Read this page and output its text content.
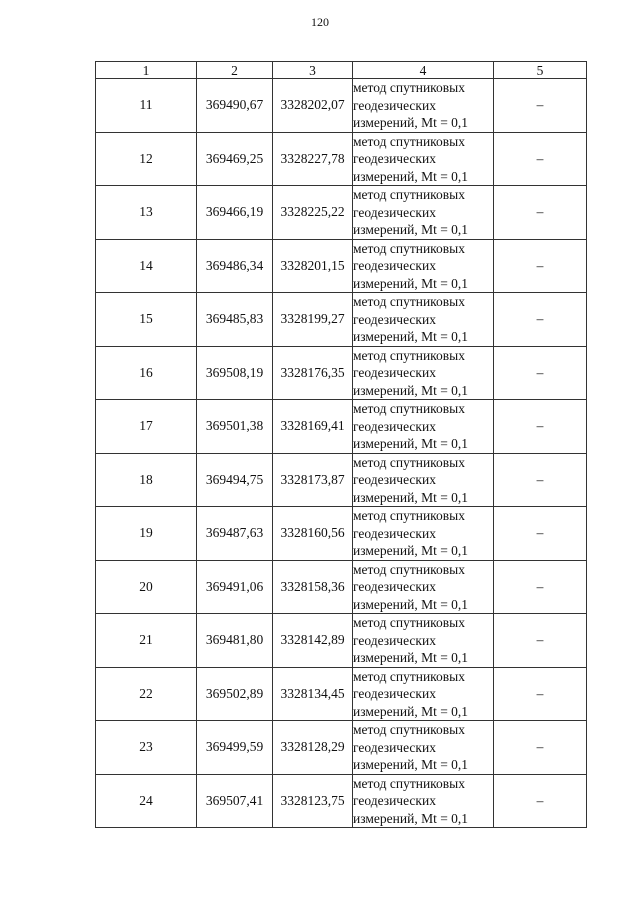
120
1	2	3	4	5
11	369490,67	3328202,07	метод спутниковых
геодезических
измерений, Mt = 0,1	–
12	369469,25	3328227,78	метод спутниковых
геодезических
измерений, Mt = 0,1	–
13	369466,19	3328225,22	метод спутниковых
геодезических
измерений, Mt = 0,1	–
14	369486,34	3328201,15	метод спутниковых
геодезических
измерений, Mt = 0,1	–
15	369485,83	3328199,27	метод спутниковых
геодезических
измерений, Mt = 0,1	–
16	369508,19	3328176,35	метод спутниковых
геодезических
измерений, Mt = 0,1	–
17	369501,38	3328169,41	метод спутниковых
геодезических
измерений, Mt = 0,1	–
18	369494,75	3328173,87	метод спутниковых
геодезических
измерений, Mt = 0,1	–
19	369487,63	3328160,56	метод спутниковых
геодезических
измерений, Mt = 0,1	–
20	369491,06	3328158,36	метод спутниковых
геодезических
измерений, Mt = 0,1	–
21	369481,80	3328142,89	метод спутниковых
геодезических
измерений, Mt = 0,1	–
22	369502,89	3328134,45	метод спутниковых
геодезических
измерений, Mt = 0,1	–
23	369499,59	3328128,29	метод спутниковых
геодезических
измерений, Mt = 0,1	–
24	369507,41	3328123,75	метод спутниковых
геодезических
измерений, Mt = 0,1	–
